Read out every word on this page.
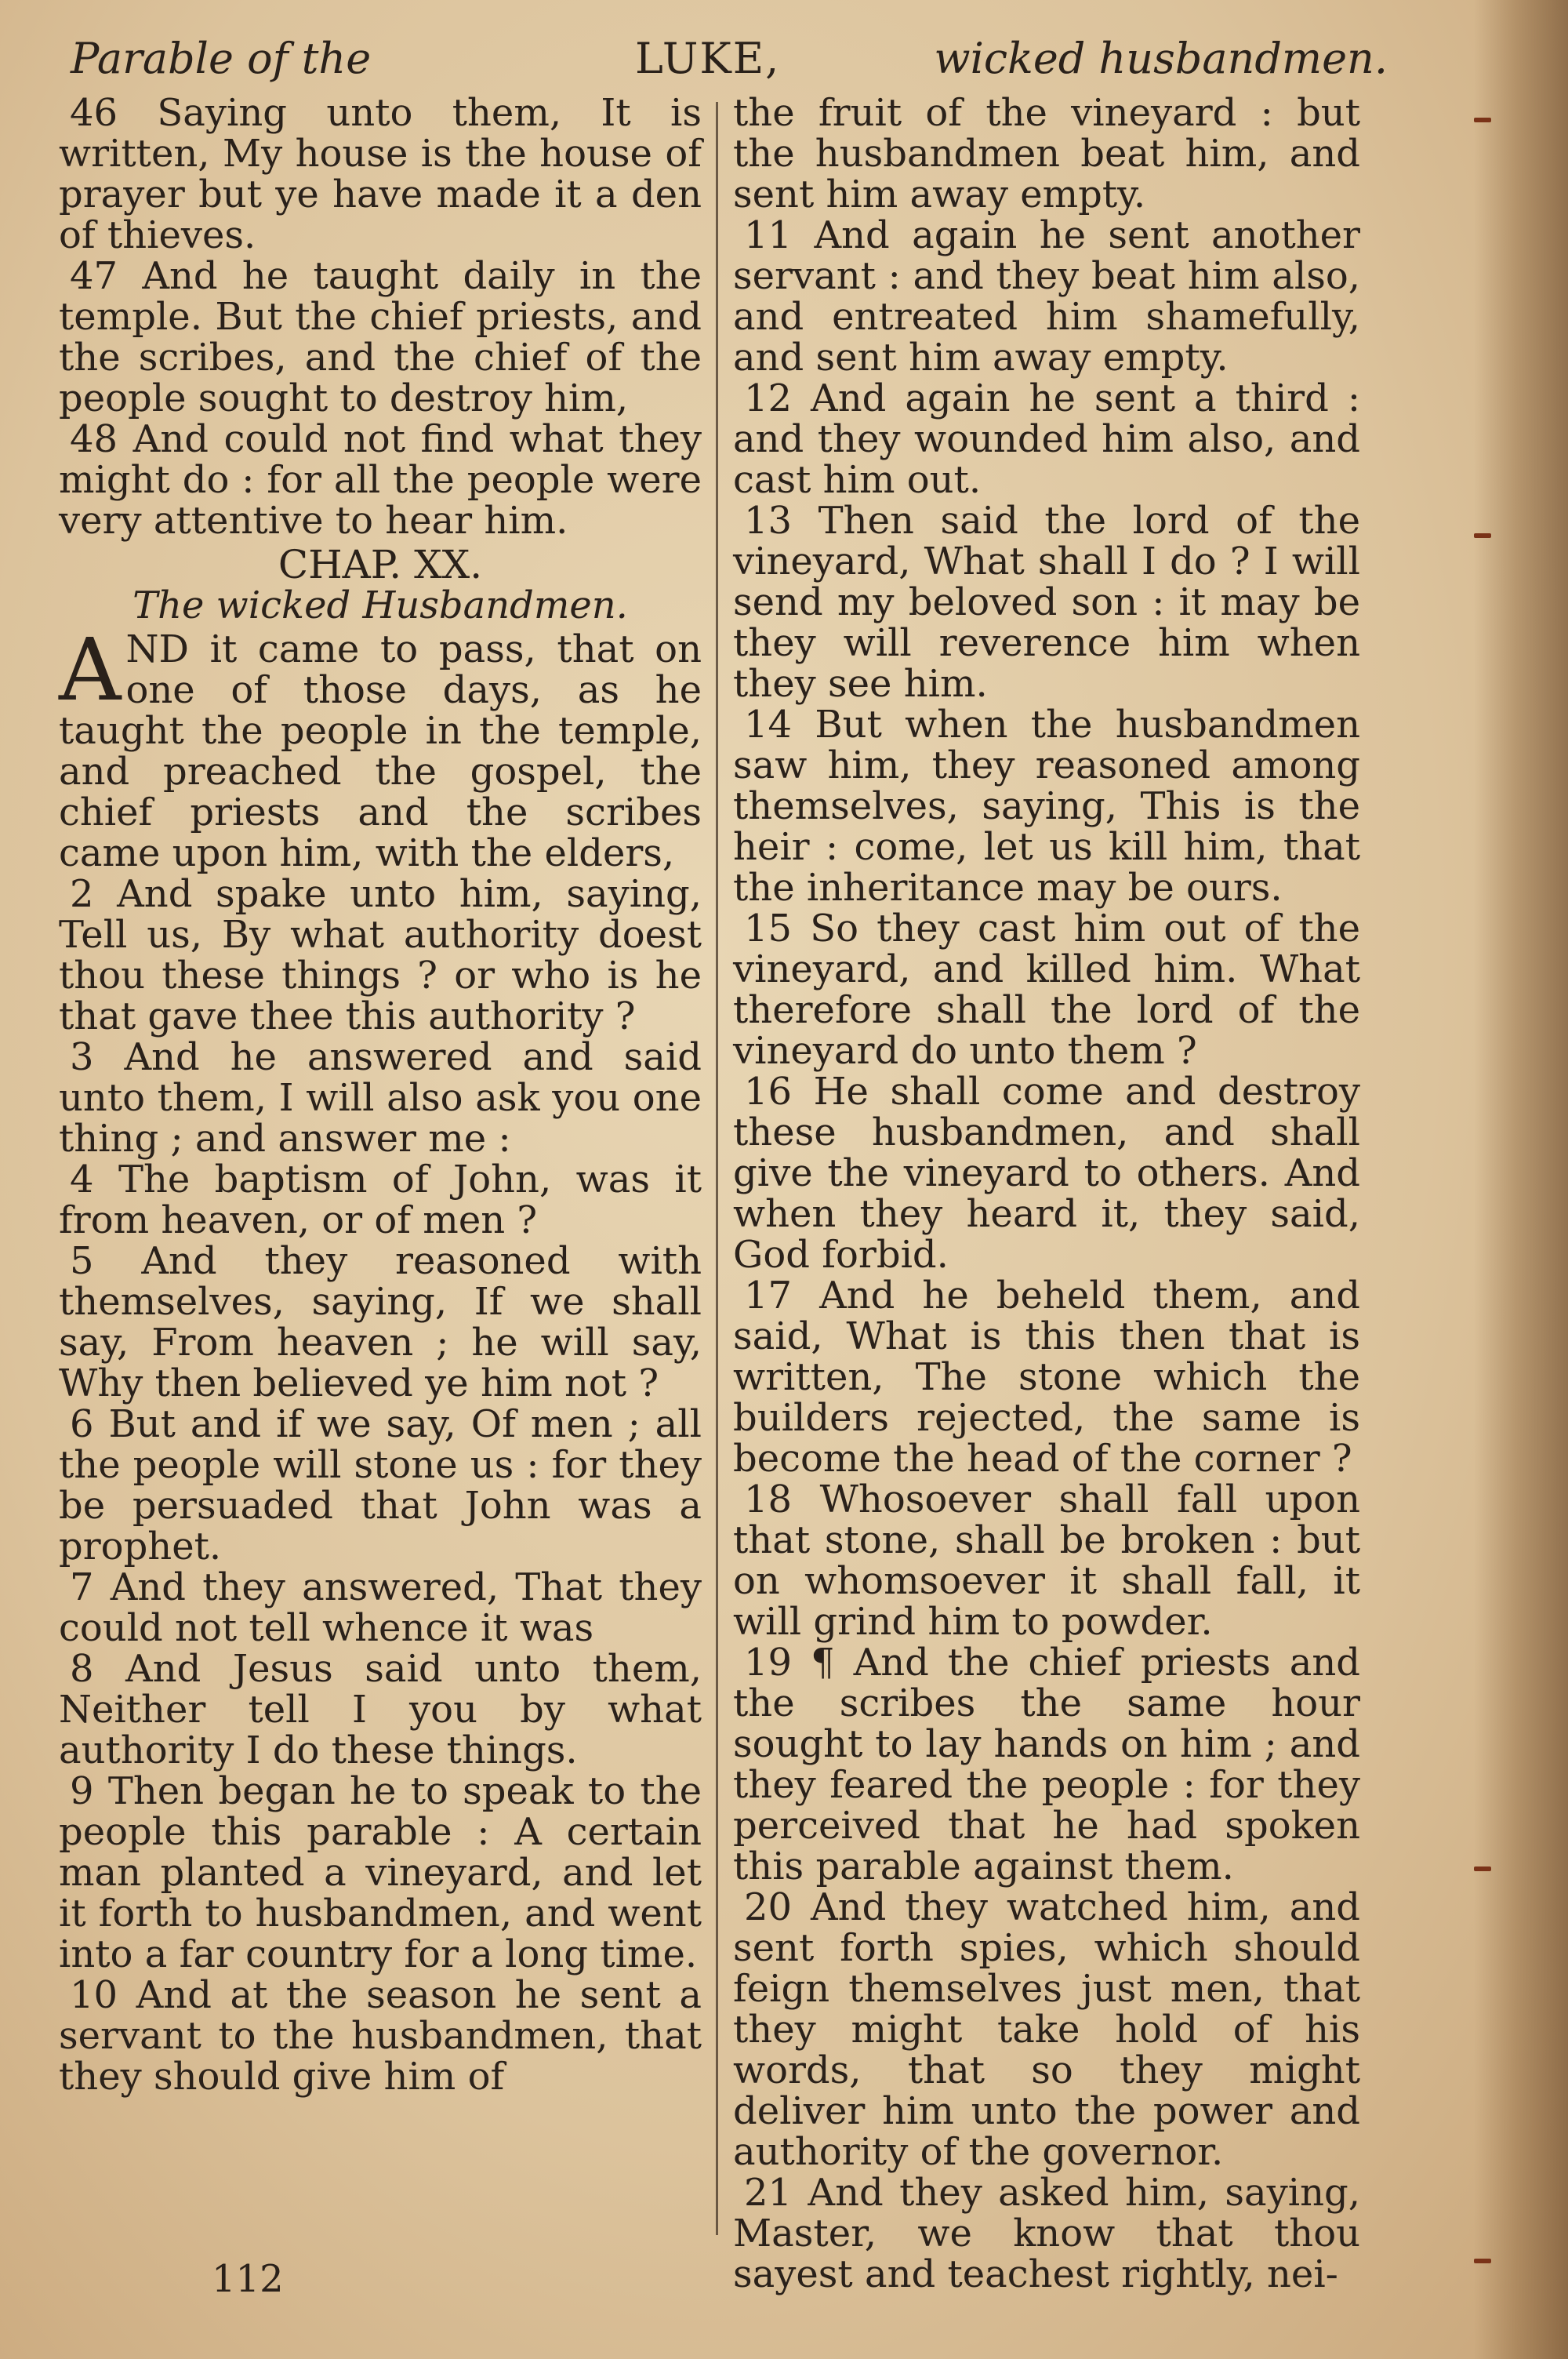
Parable of the	LUKE,	wicked husbandmen.

46 Saying unto them, It is written, My house is the house of prayer but ye have made it a den of thieves.

47 And he taught daily in the temple. But the chief priests, and the scribes, and the chief of the people sought to destroy him,

48 And could not find what they might do : for all the people were very attentive to hear him.

CHAP. XX.

The wicked Husbandmen.

AND it came to pass, that on one of those days, as he taught the people in the temple, and preached the gospel, the chief priests and the scribes came upon him, with the elders,

2 And spake unto him, saying, Tell us, By what authority doest thou these things ? or who is he that gave thee this authority ?

3 And he answered and said unto them, I will also ask you one thing ; and answer me :

4 The baptism of John, was it from heaven, or of men ?

5 And they reasoned with themselves, saying, If we shall say, From heaven ; he will say, Why then believed ye him not ?

6 But and if we say, Of men ; all the people will stone us : for they be persuaded that John was a prophet.

7 And they answered, That they could not tell whence it was

8 And Jesus said unto them, Neither tell I you by what authority I do these things.

9 Then began he to speak to the people this parable : A certain man planted a vineyard, and let it forth to husbandmen, and went into a far country for a long time.

10 And at the season he sent a servant to the husbandmen, that they should give him of

the fruit of the vineyard : but the husbandmen beat him, and sent him away empty.

11 And again he sent another servant : and they beat him also, and entreated him shamefully, and sent him away empty.

12 And again he sent a third : and they wounded him also, and cast him out.

13 Then said the lord of the vineyard, What shall I do ? I will send my beloved son : it may be they will reverence him when they see him.

14 But when the husbandmen saw him, they reasoned among themselves, saying, This is the heir : come, let us kill him, that the inheritance may be ours.

15 So they cast him out of the vineyard, and killed him. What therefore shall the lord of the vineyard do unto them ?

16 He shall come and destroy these husbandmen, and shall give the vineyard to others. And when they heard it, they said, God forbid.

17 And he beheld them, and said, What is this then that is written, The stone which the builders rejected, the same is become the head of the corner ?

18 Whosoever shall fall upon that stone, shall be broken : but on whomsoever it shall fall, it will grind him to powder.

19 ¶ And the chief priests and the scribes the same hour sought to lay hands on him ; and they feared the people : for they perceived that he had spoken this parable against them.

20 And they watched him, and sent forth spies, which should feign themselves just men, that they might take hold of his words, that so they might deliver him unto the power and authority of the governor.

21 And they asked him, saying, Master, we know that thou sayest and teachest rightly, nei-

112
